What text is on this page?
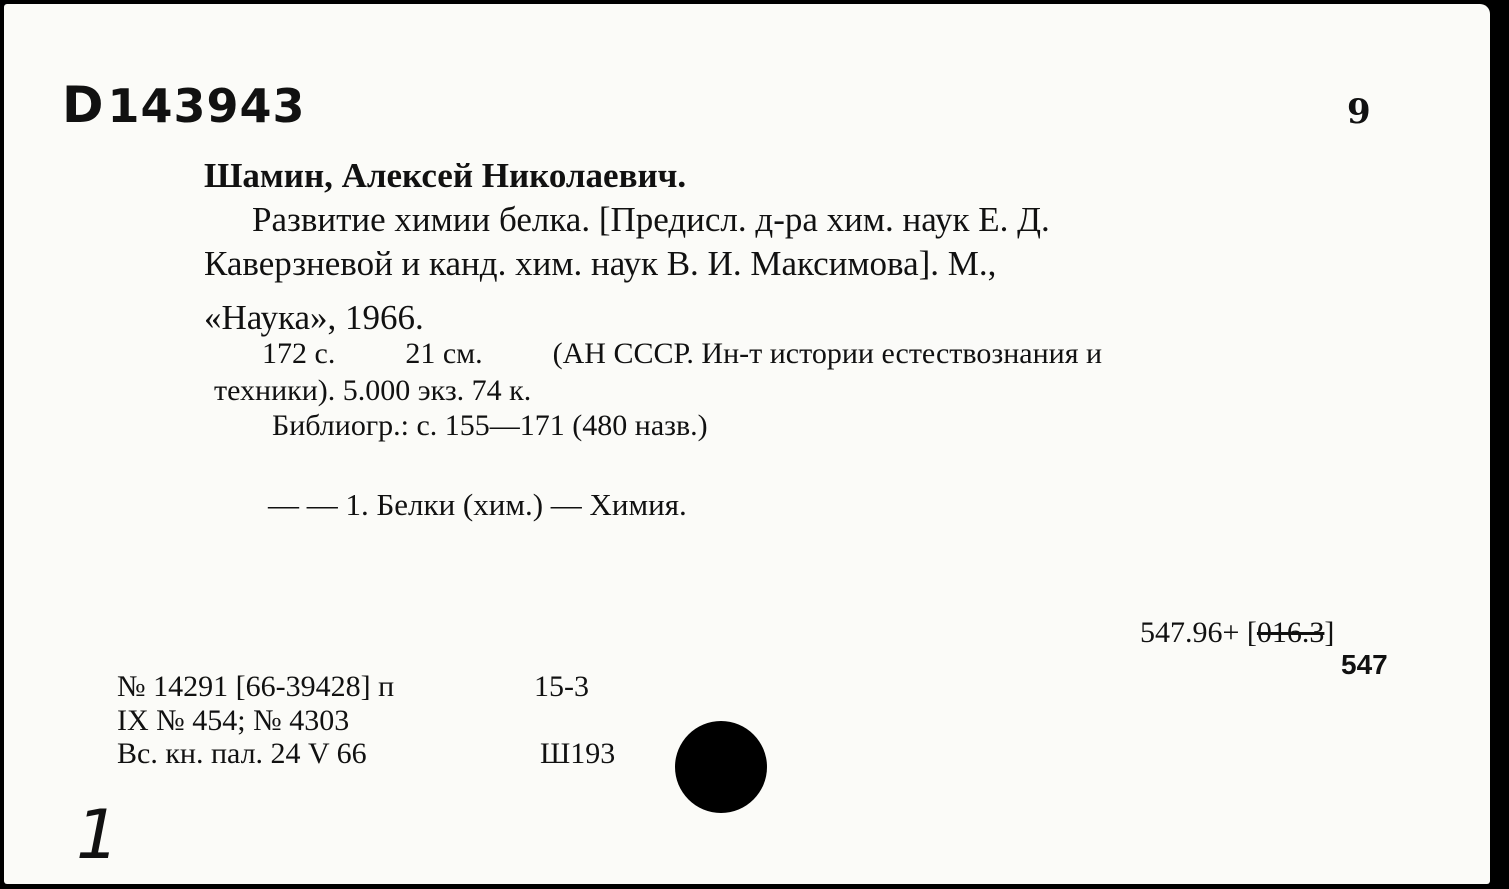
D143943	9
Шамин, Алексей Николаевич.
Развитие химии белка. [Предисл. д-ра хим. наук Е. Д.
Каверзневой и канд. хим. наук В. И. Максимова]. М.,
«Наука», 1966.
172 с. 21 см. (АН СССР. Ин-т истории естествознания и
техники). 5.000 экз. 74 к.
Библиогр.: с. 155—171 (480 назв.)
— — 1. Белки (хим.) — Химия.
547.96+ [016.3]
547
№ 14291 [66-39428] п
IX № 454; № 4303
Вс. кн. пал. 24 V 66
15-3
Ш193
1
